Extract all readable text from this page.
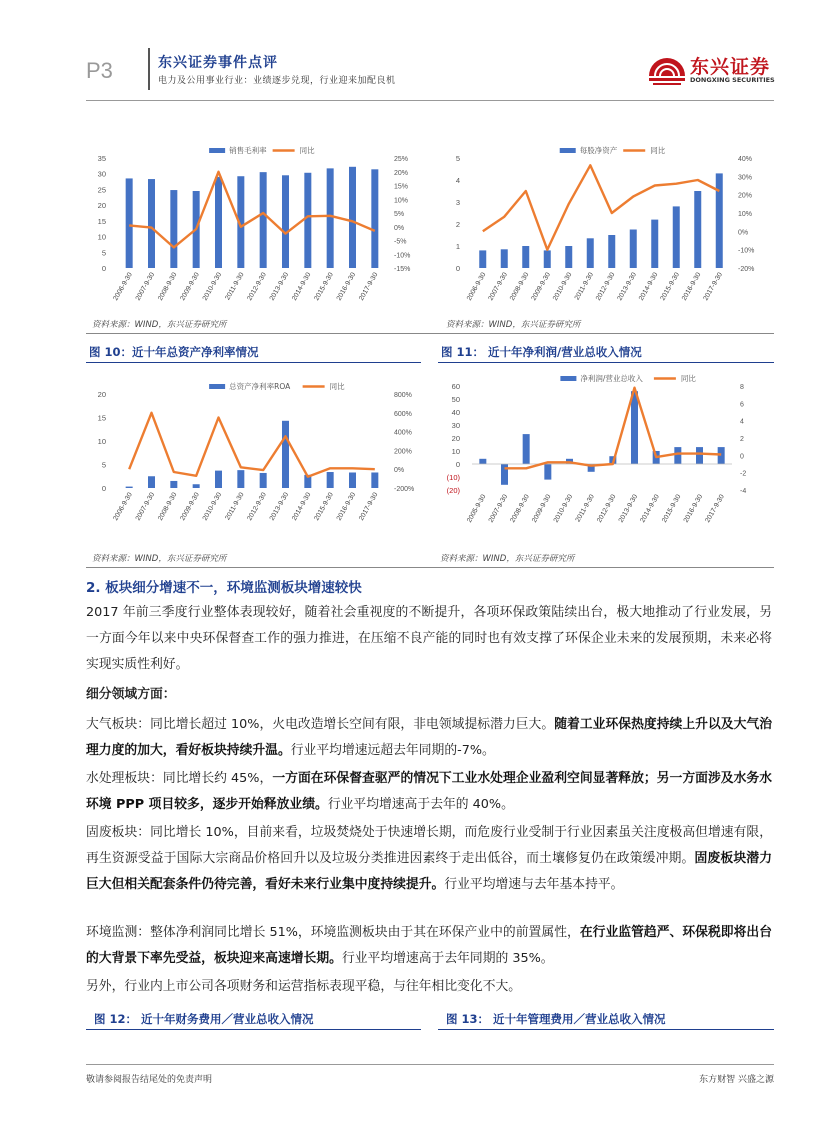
P3	东兴证券事件点评
电力及公用事业行业：业绩逐步兑现，行业迎来加配良机
东兴证券
DONGXING SECURITIES
0
5
10
15
20
25
30
35
-15%
-10%
-5%
0%
5%
10%
15%
20%
25%
2006-9-30 2007-9-30 2008-9-30 2009-9-30 2010-9-30 2011-9-30 2012-9-30 2013-9-30 2014-9-30 2015-9-30 2016-9-30 2017-9-30
销售毛利率	同比
0
1
2
3
4
5
-20%
-10%
0%
10%
20%
30%
40%
2006-9-30 2007-9-30 2008-9-30 2009-9-30 2010-9-30 2011-9-30 2012-9-30 2013-9-30 2014-9-30 2015-9-30 2016-9-30 2017-9-30
每股净资产	同比
资料来源：WIND，东兴证券研究所	资料来源：WIND，东兴证券研究所
图 10：近十年总资产净利率情况	图 11： 近十年净利润/营业总收入情况
0
5
10
15
20
-200%
0%
200%
400%
600%
800%
2006-9-30 2007-9-30 2008-9-30 2009-9-30 2010-9-30 2011-9-30 2012-9-30 2013-9-30 2014-9-30 2015-9-30 2016-9-30 2017-9-30
总资产净利率ROA	同比
(20)
(10)
0
10
20
30
40
50
60
-4
-2
0
2
4
6
8
2005-9-30 2007-9-30 2008-9-30 2009-9-30 2010-9-30 2011-9-30 2012-9-30 2013-9-30 2014-9-30 2015-9-30 2016-9-30 2017-9-30
净利润/营业总收入	同比
资料来源：WIND，东兴证券研究所	资料来源：WIND，东兴证券研究所
2. 板块细分增速不一，环境监测板块增速较快
2017 年前三季度行业整体表现较好，随着社会重视度的不断提升，各项环保政策陆续出台，极大地推动了行业发展，另一方面今年以来中央环保督查工作的强力推进，在压缩不良产能的同时也有效支撑了环保企业未来的发展预期，未来必将实现实质性利好。
细分领域方面：
大气板块：同比增长超过 10%，火电改造增长空间有限，非电领域提标潜力巨大。随着工业环保热度持续上升以及大气治理力度的加大，看好板块持续升温。行业平均增速远超去年同期的-7%。
水处理板块：同比增长约 45%，一方面在环保督查驱严的情况下工业水处理企业盈利空间显著释放；另一方面涉及水务水环境 PPP 项目较多，逐步开始释放业绩。行业平均增速高于去年的 40%。
固废板块：同比增长 10%，目前来看，垃圾焚烧处于快速增长期，而危废行业受制于行业因素虽关注度极高但增速有限，再生资源受益于国际大宗商品价格回升以及垃圾分类推进因素终于走出低谷，而土壤修复仍在政策缓冲期。固废板块潜力巨大但相关配套条件仍待完善，看好未来行业集中度持续提升。行业平均增速与去年基本持平。
环境监测：整体净利润同比增长 51%，环境监测板块由于其在环保产业中的前置属性，在行业监管趋严、环保税即将出台的大背景下率先受益，板块迎来高速增长期。行业平均增速高于去年同期的 35%。
另外，行业内上市公司各项财务和运营指标表现平稳，与往年相比变化不大。
图 12： 近十年财务费用／营业总收入情况	图 13： 近十年管理费用／营业总收入情况
敬请参阅报告结尾处的免责声明	东方财智 兴盛之源
